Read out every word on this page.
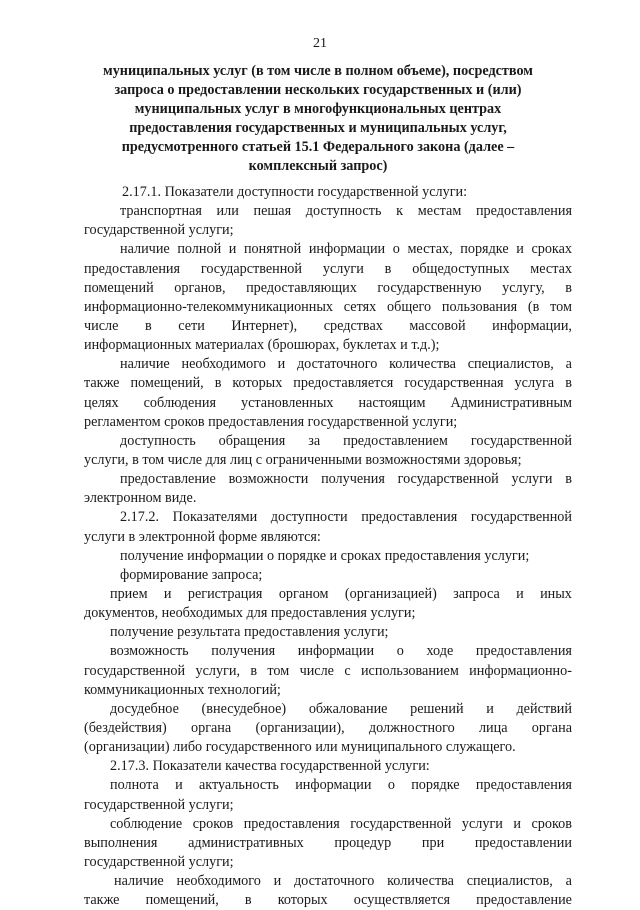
21
муниципальных услуг (в том числе в полном объеме), посредством
запроса о предоставлении нескольких государственных и (или)
муниципальных услуг в многофункциональных центрах
предоставления государственных и муниципальных услуг,
предусмотренного статьей 15.1 Федерального закона (далее –
комплексный запрос)
2.17.1. Показатели доступности государственной услуги:
транспортная или пешая доступность к местам предоставления
государственной услуги;
наличие полной и понятной информации о местах, порядке и сроках
предоставления государственной услуги в общедоступных местах
помещений органов, предоставляющих государственную услугу, в
информационно-телекоммуникационных сетях общего пользования (в том
числе в сети Интернет), средствах массовой информации,
информационных материалах (брошюрах, буклетах и т.д.);
наличие необходимого и достаточного количества специалистов, а
также помещений, в которых предоставляется государственная услуга в
целях соблюдения установленных настоящим Административным
регламентом сроков предоставления государственной услуги;
доступность обращения за предоставлением государственной
услуги, в том числе для лиц с ограниченными возможностями здоровья;
предоставление возможности получения государственной услуги в
электронном виде.
2.17.2. Показателями доступности предоставления государственной
услуги в электронной форме являются:
получение информации о порядке и сроках предоставления услуги;
формирование запроса;
прием и регистрация органом (организацией) запроса и иных
документов, необходимых для предоставления услуги;
получение результата предоставления услуги;
возможность получения информации о ходе предоставления
государственной услуги, в том числе с использованием информационно-
коммуникационных технологий;
досудебное (внесудебное) обжалование решений и действий
(бездействия) органа (организации), должностного лица органа
(организации) либо государственного или муниципального служащего.
2.17.3. Показатели качества государственной услуги:
полнота и актуальность информации о порядке предоставления
государственной услуги;
соблюдение сроков предоставления государственной услуги и сроков
выполнения административных процедур при предоставлении
государственной услуги;
наличие необходимого и достаточного количества специалистов, а
также помещений, в которых осуществляется предоставление
